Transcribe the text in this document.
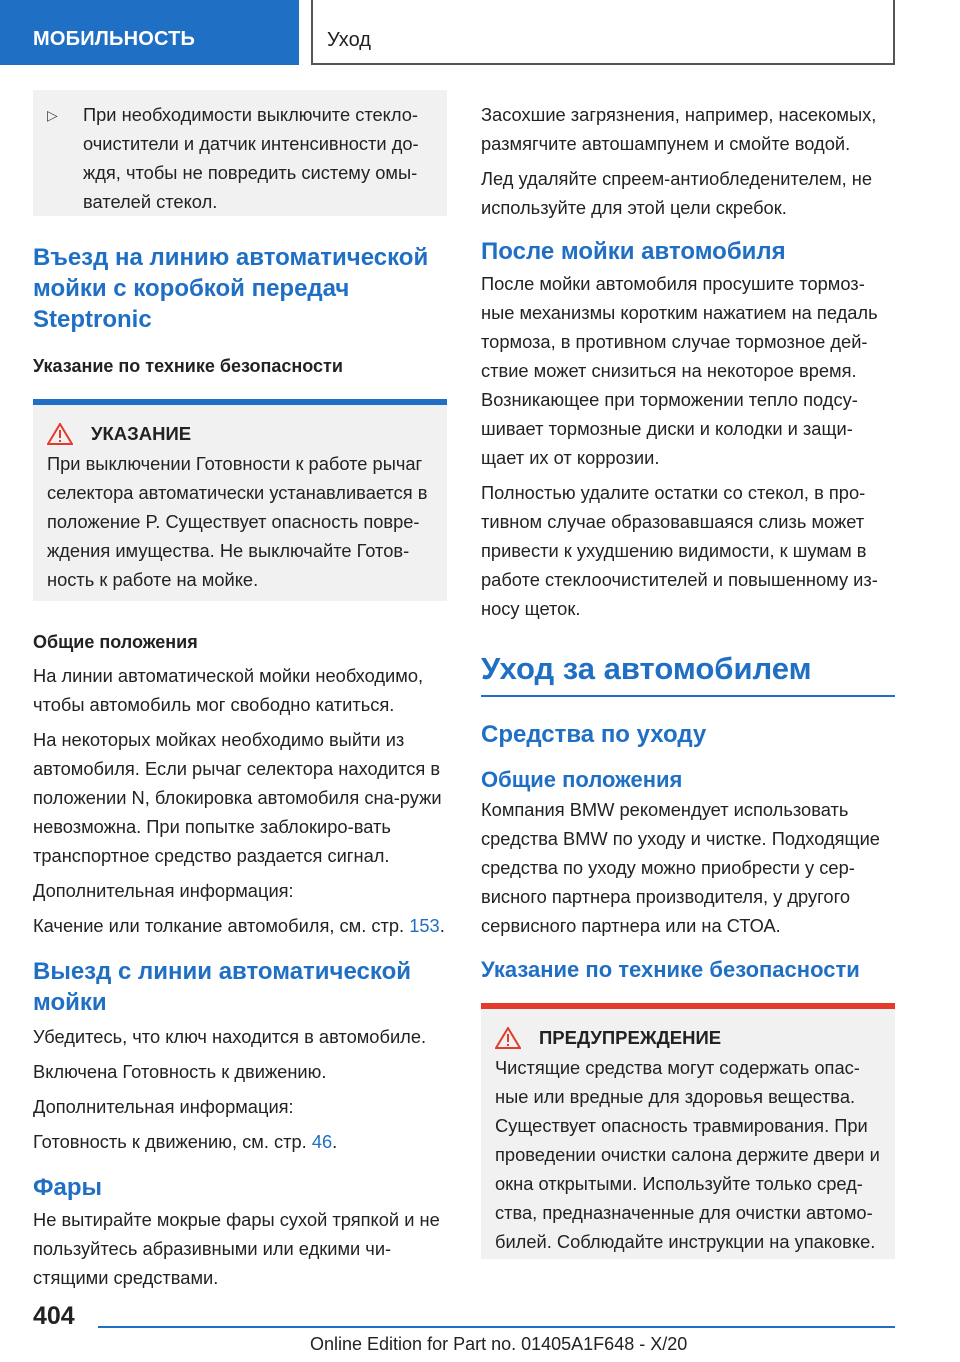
МОБИЛЬНОСТЬ	Уход
▷	При необходимости выключите стекло-очистители и датчик интенсивности до-ждя, чтобы не повредить систему омы-вателей стекол.
Въезд на линию автоматической мойки с коробкой передач Steptronic
Указание по технике безопасности
УКАЗАНИЕ

При выключении Готовности к работе рычаг селектора автоматически устанавливается в положение P. Существует опасность повре-ждения имущества. Не выключайте Готов-ность к работе на мойке.

Общие положения

На линии автоматической мойки необходимо, чтобы автомобиль мог свободно катиться.

На некоторых мойках необходимо выйти из автомобиля. Если рычаг селектора находится в положении N, блокировка автомобиля сна-ружи невозможна. При попытке заблокиро-вать транспортное средство раздается сигнал.

Дополнительная информация:

Качение или толкание автомобиля, см. стр. 153.

Выезд с линии автоматической мойки

Убедитесь, что ключ находится в автомобиле.

Включена Готовность к движению.

Дополнительная информация:

Готовность к движению, см. стр. 46.

Фары

Не вытирайте мокрые фары сухой тряпкой и не пользуйтесь абразивными или едкими чи-стящими средствами.

Засохшие загрязнения, например, насекомых, размягчите автошампунем и смойте водой.

Лед удаляйте спреем-антиобледенителем, не используйте для этой цели скребок.

После мойки автомобиля

После мойки автомобиля просушите тормоз-ные механизмы коротким нажатием на педаль тормоза, в противном случае тормозное дей-ствие может снизиться на некоторое время. Возникающее при торможении тепло подсу-шивает тормозные диски и колодки и защи-щает их от коррозии.

Полностью удалите остатки со стекол, в про-тивном случае образовавшаяся слизь может привести к ухудшению видимости, к шумам в работе стеклоочистителей и повышенному из-носу щеток.

Уход за автомобилем
Средства по уходу
Общие положения

Компания BMW рекомендует использовать средства BMW по уходу и чистке. Подходящие средства по уходу можно приобрести у сер-висного партнера производителя, у другого сервисного партнера или на СТОА.

Указание по технике безопасности
ПРЕДУПРЕЖДЕНИЕ

Чистящие средства могут содержать опас-ные или вредные для здоровья вещества. Существует опасность травмирования. При проведении очистки салона держите двери и окна открытыми. Используйте только сред-ства, предназначенные для очистки автомо-билей. Соблюдайте инструкции на упаковке.

404
Online Edition for Part no. 01405A1F648 - X/20
